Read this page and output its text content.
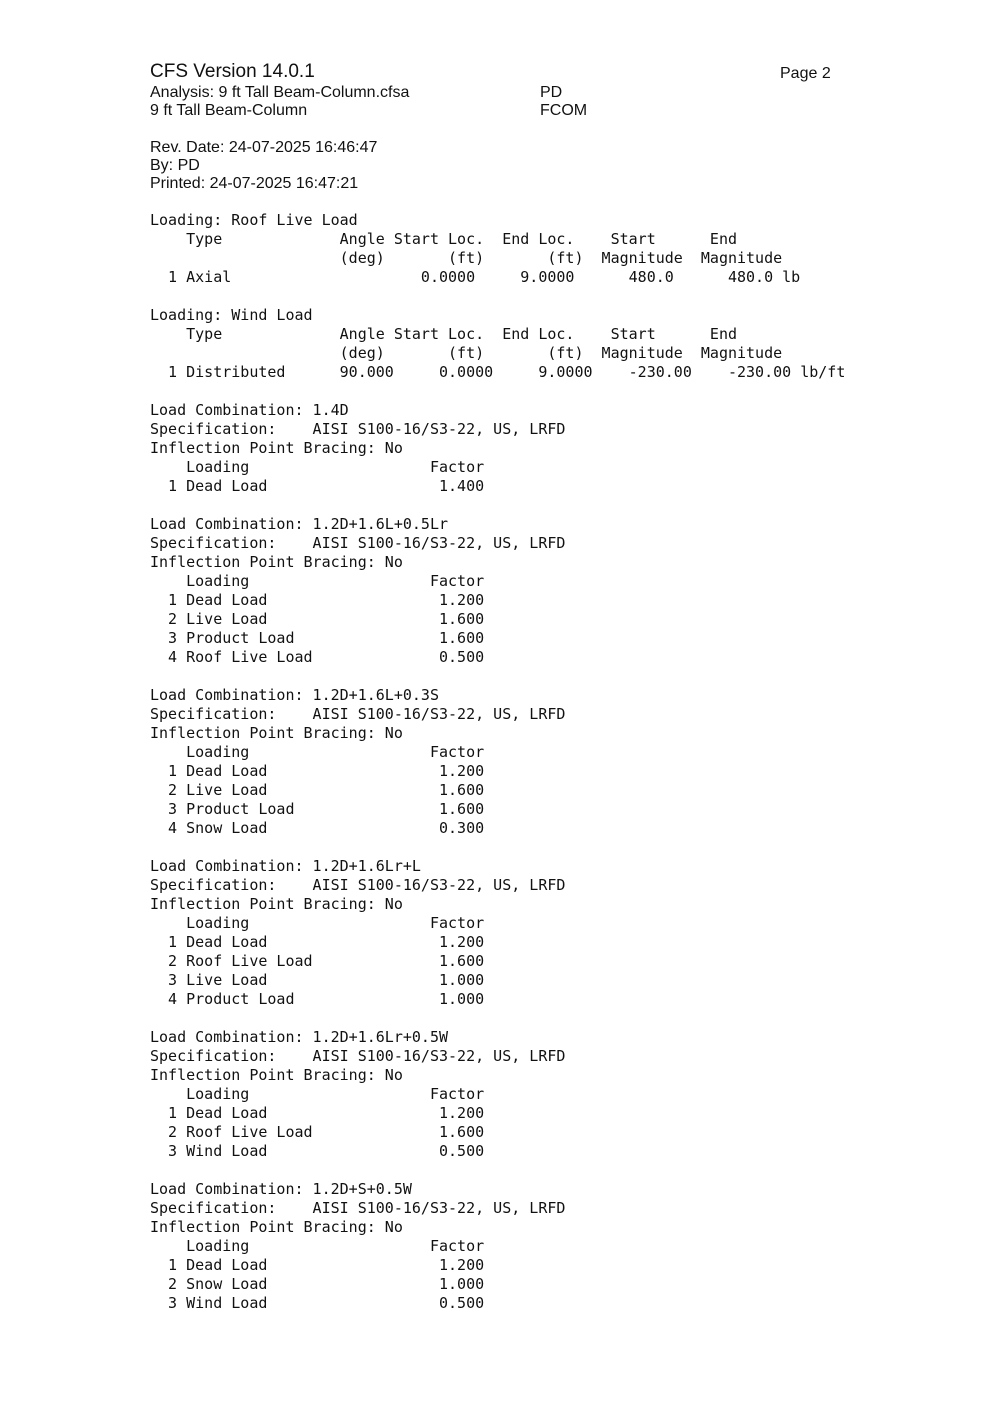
CFS Version 14.0.1	Page 2
Analysis: 9 ft Tall Beam-Column.cfsa	PD
9 ft Tall Beam-Column	FCOM
Rev. Date: 24-07-2025 16:46:47
By: PD
Printed: 24-07-2025 16:47:21
Loading: Roof Live Load
Type             Angle Start Loc.  End Loc.    Start      End
(deg)       (ft)       (ft)  Magnitude  Magnitude
1 Axial                     0.0000     9.0000      480.0      480.0 lb

Loading: Wind Load
Type             Angle Start Loc.  End Loc.    Start      End
(deg)       (ft)       (ft)  Magnitude  Magnitude
1 Distributed      90.000     0.0000     9.0000    -230.00    -230.00 lb/ft

Load Combination: 1.4D
Specification:    AISI S100-16/S3-22, US, LRFD
Inflection Point Bracing: No
Loading                    Factor
1 Dead Load                   1.400

Load Combination: 1.2D+1.6L+0.5Lr
Specification:    AISI S100-16/S3-22, US, LRFD
Inflection Point Bracing: No
Loading                    Factor
1 Dead Load                   1.200
2 Live Load                   1.600
3 Product Load                1.600
4 Roof Live Load              0.500

Load Combination: 1.2D+1.6L+0.3S
Specification:    AISI S100-16/S3-22, US, LRFD
Inflection Point Bracing: No
Loading                    Factor
1 Dead Load                   1.200
2 Live Load                   1.600
3 Product Load                1.600
4 Snow Load                   0.300

Load Combination: 1.2D+1.6Lr+L
Specification:    AISI S100-16/S3-22, US, LRFD
Inflection Point Bracing: No
Loading                    Factor
1 Dead Load                   1.200
2 Roof Live Load              1.600
3 Live Load                   1.000
4 Product Load                1.000

Load Combination: 1.2D+1.6Lr+0.5W
Specification:    AISI S100-16/S3-22, US, LRFD
Inflection Point Bracing: No
Loading                    Factor
1 Dead Load                   1.200
2 Roof Live Load              1.600
3 Wind Load                   0.500

Load Combination: 1.2D+S+0.5W
Specification:    AISI S100-16/S3-22, US, LRFD
Inflection Point Bracing: No
Loading                    Factor
1 Dead Load                   1.200
2 Snow Load                   1.000
3 Wind Load                   0.500
